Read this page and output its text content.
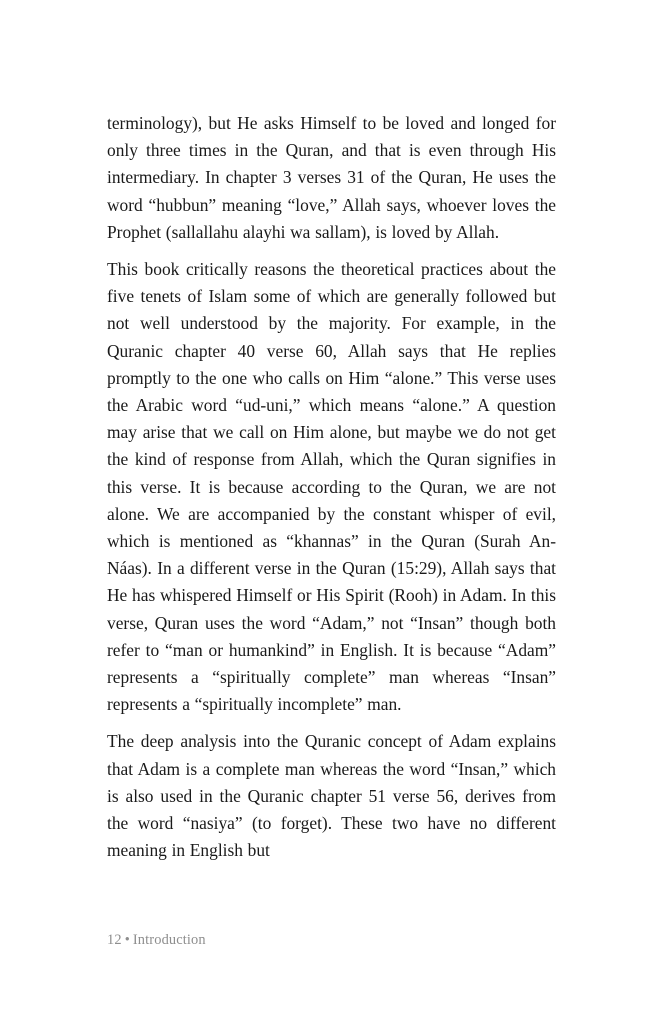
terminology), but He asks Himself to be loved and longed for only three times in the Quran, and that is even through His intermediary. In chapter 3 verses 31 of the Quran, He uses the word “hubbun” meaning “love,” Allah says, whoever loves the Prophet (sallallahu alayhi wa sallam), is loved by Allah.

This book critically reasons the theoretical practices about the five tenets of Islam some of which are generally followed but not well understood by the majority. For example, in the Quranic chapter 40 verse 60, Allah says that He replies promptly to the one who calls on Him “alone.” This verse uses the Arabic word “ud-uni,” which means “alone.” A question may arise that we call on Him alone, but maybe we do not get the kind of response from Allah, which the Quran signifies in this verse. It is because according to the Quran, we are not alone. We are accompanied by the constant whisper of evil, which is mentioned as “khannas” in the Quran (Surah An-Náas). In a different verse in the Quran (15:29), Allah says that He has whispered Himself or His Spirit (Rooh) in Adam. In this verse, Quran uses the word “Adam,” not “Insan” though both refer to “man or humankind” in English. It is because “Adam” represents a “spiritually complete” man whereas “Insan” represents a “spiritually incomplete” man.

The deep analysis into the Quranic concept of Adam explains that Adam is a complete man whereas the word “Insan,” which is also used in the Quranic chapter 51 verse 56, derives from the word “nasiya” (to forget). These two have no different meaning in English but

12 • Introduction
